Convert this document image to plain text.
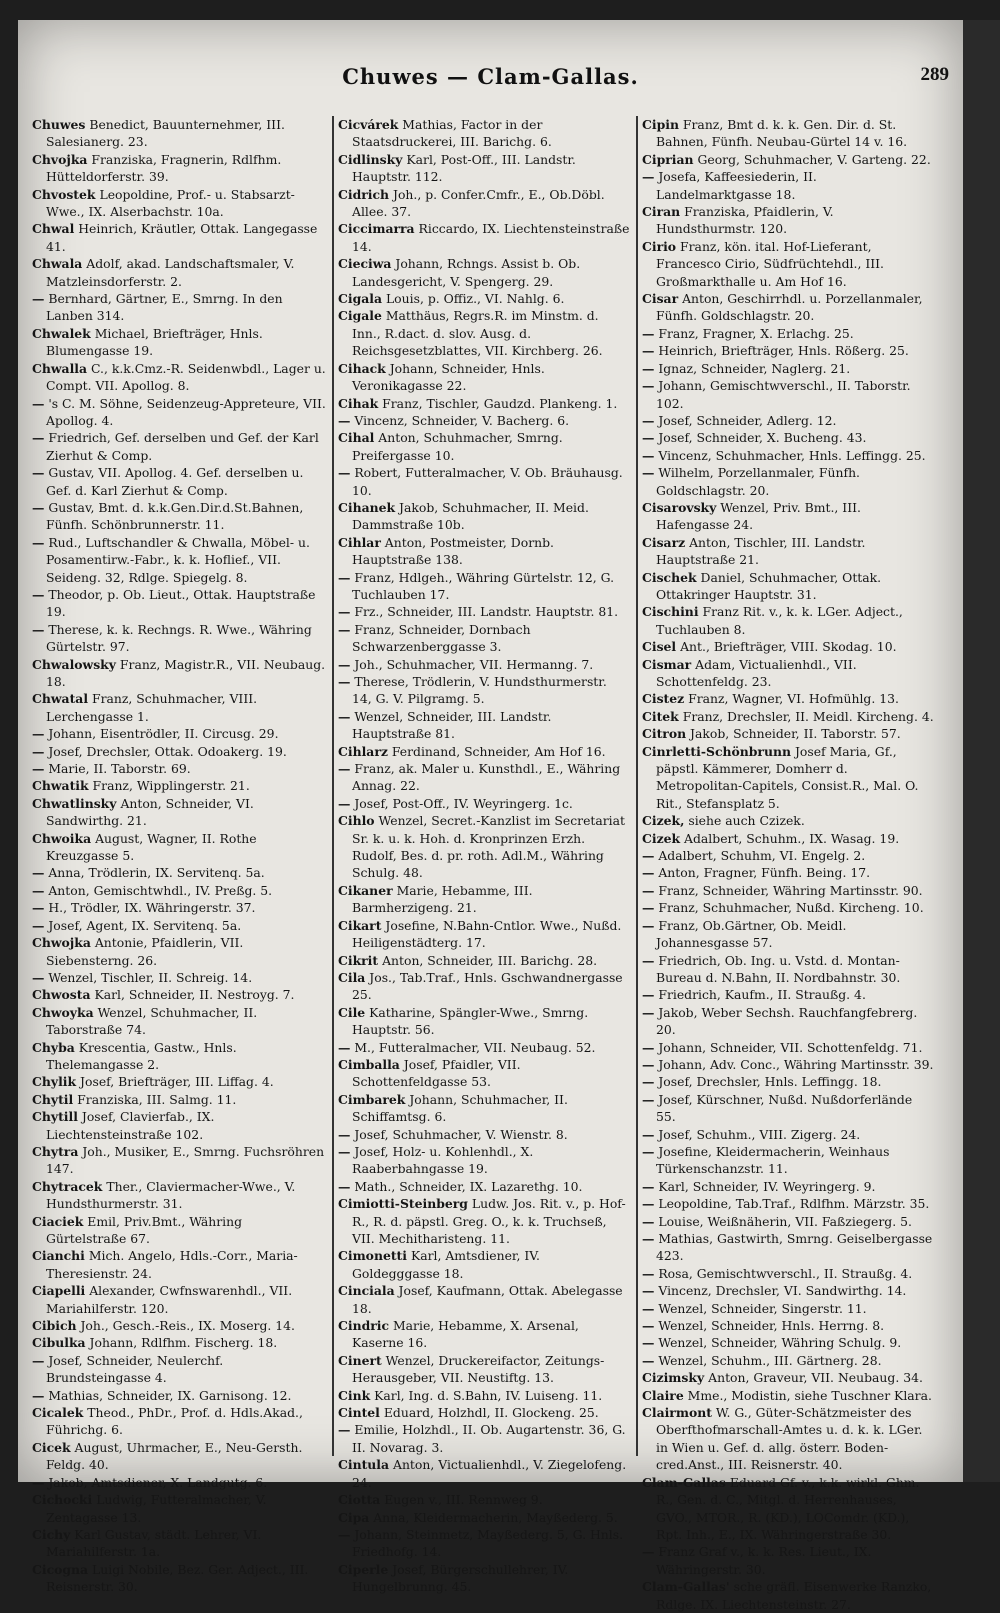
Chuwes — Clam-Gallas.	289

Chuwes Benedict, Bauunternehmer, III. Salesianerg. 23.

Chvojka Franziska, Fragnerin, Rdlfhm. Hütteldorferstr. 39.

Chvostek Leopoldine, Prof.- u. Stabsarzt-Wwe., IX. Alserbachstr. 10a.

Chwal Heinrich, Kräutler, Ottak. Langegasse 41.

Chwala Adolf, akad. Landschaftsmaler, V. Matzleinsdorferstr. 2.

— Bernhard, Gärtner, E., Smrng. In den Lanben 314.

Chwalek Michael, Briefträger, Hnls. Blumengasse 19.

Chwalla C., k.k.Cmz.-R. Seidenwbdl., Lager u. Compt. VII. Apollog. 8.

— 's C. M. Söhne, Seidenzeug-Appreteure, VII. Apollog. 4.

— Friedrich, Gef. derselben und Gef. der Karl Zierhut & Comp.

— Gustav, VII. Apollog. 4. Gef. derselben u. Gef. d. Karl Zierhut & Comp.

— Gustav, Bmt. d. k.k.Gen.Dir.d.St.Bahnen, Fünfh. Schönbrunnerstr. 11.

— Rud., Luftschandler & Chwalla, Möbel- u. Posamentirw.-Fabr., k. k. Hoflief., VII. Seideng. 32, Rdlge. Spiegelg. 8.

— Theodor, p. Ob. Lieut., Ottak. Hauptstraße 19.

— Therese, k. k. Rechngs. R. Wwe., Währing Gürtelstr. 97.

Chwalowsky Franz, Magistr.R., VII. Neubaug. 18.

Chwatal Franz, Schuhmacher, VIII. Lerchengasse 1.

— Johann, Eisentrödler, II. Circusg. 29.

— Josef, Drechsler, Ottak. Odoakerg. 19.

— Marie, II. Taborstr. 69.

Chwatik Franz, Wipplingerstr. 21.

Chwatlinsky Anton, Schneider, VI. Sandwirthg. 21.

Chwoika August, Wagner, II. Rothe Kreuzgasse 5.

— Anna, Trödlerin, IX. Servitenq. 5a.

— Anton, Gemischtwhdl., IV. Preßg. 5.

— H., Trödler, IX. Währingerstr. 37.

— Josef, Agent, IX. Servitenq. 5a.

Chwojka Antonie, Pfaidlerin, VII. Siebensterng. 26.

— Wenzel, Tischler, II. Schreig. 14.

Chwosta Karl, Schneider, II. Nestroyg. 7.

Chwoyka Wenzel, Schuhmacher, II. Taborstraße 74.

Chyba Krescentia, Gastw., Hnls. Thelemangasse 2.

Chylik Josef, Briefträger, III. Liffag. 4.

Chytil Franziska, III. Salmg. 11.

Chytill Josef, Clavierfab., IX. Liechtensteinstraße 102.

Chytra Joh., Musiker, E., Smrng. Fuchsröhren 147.

Chytracek Ther., Claviermacher-Wwe., V. Hundsthurmerstr. 31.

Ciaciek Emil, Priv.Bmt., Währing Gürtelstraße 67.

Cianchi Mich. Angelo, Hdls.-Corr., Maria-Theresienstr. 24.

Ciapelli Alexander, Cwfnswarenhdl., VII. Mariahilferstr. 120.

Cibich Joh., Gesch.-Reis., IX. Moserg. 14.

Cibulka Johann, Rdlfhm. Fischerg. 18.

— Josef, Schneider, Neulerchf. Brundsteingasse 4.

— Mathias, Schneider, IX. Garnisong. 12.

Cicalek Theod., PhDr., Prof. d. Hdls.Akad., Führichg. 6.

Cicek August, Uhrmacher, E., Neu-Gersth. Feldg. 40.

— Jakob, Amtsdiener, X. Landgutg. 6.

Cichocki Ludwig, Futteralmacher, V. Zentagasse 13.

Cichy Karl Gustav, städt. Lehrer, VI. Mariahilferstr. 1a.

Cicogna Luigi Nobile, Bez. Ger. Adject., III. Reisnerstr. 30.

Cicvárek Mathias, Factor in der Staatsdruckerei, III. Barichg. 6.

Cidlinsky Karl, Post-Off., III. Landstr. Hauptstr. 112.

Cidrich Joh., p. Confer.Cmfr., E., Ob.Döbl. Allee. 37.

Ciccimarra Riccardo, IX. Liechtensteinstraße 14.

Cieciwa Johann, Rchngs. Assist b. Ob. Landesgericht, V. Spengerg. 29.

Cigala Louis, p. Offiz., VI. Nahlg. 6.

Cigale Matthäus, Regrs.R. im Minstm. d. Inn., R.dact. d. slov. Ausg. d. Reichsgesetzblattes, VII. Kirchberg. 26.

Cihack Johann, Schneider, Hnls. Veronikagasse 22.

Cihak Franz, Tischler, Gaudzd. Plankeng. 1.

— Vincenz, Schneider, V. Bacherg. 6.

Cihal Anton, Schuhmacher, Smrng. Preifergasse 10.

— Robert, Futteralmacher, V. Ob. Bräuhausg. 10.

Cihanek Jakob, Schuhmacher, II. Meid. Dammstraße 10b.

Cihlar Anton, Postmeister, Dornb. Hauptstraße 138.

— Franz, Hdlgeh., Währing Gürtelstr. 12, G. Tuchlauben 17.

— Frz., Schneider, III. Landstr. Hauptstr. 81.

— Franz, Schneider, Dornbach Schwarzenberggasse 3.

— Joh., Schuhmacher, VII. Hermanng. 7.

— Therese, Trödlerin, V. Hundsthurmerstr. 14, G. V. Pilgramg. 5.

— Wenzel, Schneider, III. Landstr. Hauptstraße 81.

Cihlarz Ferdinand, Schneider, Am Hof 16.

— Franz, ak. Maler u. Kunsthdl., E., Währing Annag. 22.

— Josef, Post-Off., IV. Weyringerg. 1c.

Cihlo Wenzel, Secret.-Kanzlist im Secretariat Sr. k. u. k. Hoh. d. Kronprinzen Erzh. Rudolf, Bes. d. pr. roth. Adl.M., Währing Schulg. 48.

Cikaner Marie, Hebamme, III. Barmherzigeng. 21.

Cikart Josefine, N.Bahn-Cntlor. Wwe., Nußd. Heiligenstädterg. 17.

Cikrit Anton, Schneider, III. Barichg. 28.

Cila Jos., Tab.Traf., Hnls. Gschwandnergasse 25.

Cile Katharine, Spängler-Wwe., Smrng. Hauptstr. 56.

— M., Futteralmacher, VII. Neubaug. 52.

Cimballa Josef, Pfaidler, VII. Schottenfeldgasse 53.

Cimbarek Johann, Schuhmacher, II. Schiffamtsg. 6.

— Josef, Schuhmacher, V. Wienstr. 8.

— Josef, Holz- u. Kohlenhdl., X. Raaberbahngasse 19.

— Math., Schneider, IX. Lazarethg. 10.

Cimiotti-Steinberg Ludw. Jos. Rit. v., p. Hof-R., R. d. päpstl. Greg. O., k. k. Truchseß, VII. Mechitharisteng. 11.

Cimonetti Karl, Amtsdiener, IV. Goldegggasse 18.

Cinciala Josef, Kaufmann, Ottak. Abelegasse 18.

Cindric Marie, Hebamme, X. Arsenal, Kaserne 16.

Cinert Wenzel, Druckereifactor, Zeitungs-Herausgeber, VII. Neustiftg. 13.

Cink Karl, Ing. d. S.Bahn, IV. Luiseng. 11.

Cintel Eduard, Holzhdl, II. Glockeng. 25.

— Emilie, Holzhdl., II. Ob. Augartenstr. 36, G. II. Novarag. 3.

Cintula Anton, Victualienhdl., V. Ziegelofeng. 24.

Ciotta Eugen v., III. Rennweg 9.

Cipa Anna, Kleidermacherin, Mayßederg. 5.

— Johann, Steinmetz, Mayßederg. 5, G. Hnls. Friedhofg. 14.

Ciperle Josef, Bürgerschullehrer, IV. Hungelbrunng. 45.

Cipin Franz, Bmt d. k. k. Gen. Dir. d. St. Bahnen, Fünfh. Neubau-Gürtel 14 v. 16.

Ciprian Georg, Schuhmacher, V. Garteng. 22.

— Josefa, Kaffeesiederin, II. Landelmarktgasse 18.

Ciran Franziska, Pfaidlerin, V. Hundsthurmstr. 120.

Cirio Franz, kön. ital. Hof-Lieferant, Francesco Cirio, Südfrüchtehdl., III. Großmarkthalle u. Am Hof 16.

Cisar Anton, Geschirrhdl. u. Porzellanmaler, Fünfh. Goldschlagstr. 20.

— Franz, Fragner, X. Erlachg. 25.

— Heinrich, Briefträger, Hnls. Rößerg. 25.

— Ignaz, Schneider, Naglerg. 21.

— Johann, Gemischtwverschl., II. Taborstr. 102.

— Josef, Schneider, Adlerg. 12.

— Josef, Schneider, X. Bucheng. 43.

— Vincenz, Schuhmacher, Hnls. Leffingg. 25.

— Wilhelm, Porzellanmaler, Fünfh. Goldschlagstr. 20.

Cisarovsky Wenzel, Priv. Bmt., III. Hafengasse 24.

Cisarz Anton, Tischler, III. Landstr. Hauptstraße 21.

Cischek Daniel, Schuhmacher, Ottak. Ottakringer Hauptstr. 31.

Cischini Franz Rit. v., k. k. LGer. Adject., Tuchlauben 8.

Cisel Ant., Briefträger, VIII. Skodag. 10.

Cismar Adam, Victualienhdl., VII. Schottenfeldg. 23.

Cistez Franz, Wagner, VI. Hofmühlg. 13.

Citek Franz, Drechsler, II. Meidl. Kircheng. 4.

Citron Jakob, Schneider, II. Taborstr. 57.

Cinrletti-Schönbrunn Josef Maria, Gf., päpstl. Kämmerer, Domherr d. Metropolitan-Capitels, Consist.R., Mal. O. Rit., Stefansplatz 5.

Cizek, siehe auch Czizek.

Cizek Adalbert, Schuhm., IX. Wasag. 19.

— Adalbert, Schuhm, VI. Engelg. 2.

— Anton, Fragner, Fünfh. Being. 17.

— Franz, Schneider, Währing Martinsstr. 90.

— Franz, Schuhmacher, Nußd. Kircheng. 10.

— Franz, Ob.Gärtner, Ob. Meidl. Johannesgasse 57.

— Friedrich, Ob. Ing. u. Vstd. d. Montan-Bureau d. N.Bahn, II. Nordbahnstr. 30.

— Friedrich, Kaufm., II. Straußg. 4.

— Jakob, Weber Sechsh. Rauchfangfebrerg. 20.

— Johann, Schneider, VII. Schottenfeldg. 71.

— Johann, Adv. Conc., Währing Martinsstr. 39.

— Josef, Drechsler, Hnls. Leffingg. 18.

— Josef, Kürschner, Nußd. Nußdorferlände 55.

— Josef, Schuhm., VIII. Zigerg. 24.

— Josefine, Kleidermacherin, Weinhaus Türkenschanzstr. 11.

— Karl, Schneider, IV. Weyringerg. 9.

— Leopoldine, Tab.Traf., Rdlfhm. Märzstr. 35.

— Louise, Weißnäherin, VII. Faßziegerg. 5.

— Mathias, Gastwirth, Smrng. Geiselbergasse 423.

— Rosa, Gemischtwverschl., II. Straußg. 4.

— Vincenz, Drechsler, VI. Sandwirthg. 14.

— Wenzel, Schneider, Singerstr. 11.

— Wenzel, Schneider, Hnls. Herrng. 8.

— Wenzel, Schneider, Währing Schulg. 9.

— Wenzel, Schuhm., III. Gärtnerg. 28.

Cizimsky Anton, Graveur, VII. Neubaug. 34.

Claire Mme., Modistin, siehe Tuschner Klara.

Clairmont W. G., Güter-Schätzmeister des Oberfthofmarschall-Amtes u. d. k. k. LGer. in Wien u. Gef. d. allg. österr. Boden-cred.Anst., III. Reisnerstr. 40.

Clam-Gallas Eduard Gf. v., k.k. wirkl. Ghm. R., Gen. d. C., Mitgl. d. Herrenhauses, GVO., MTOR., R. (KD.), LOComdr. (KD.), Rpt. Inh., E., IX. Währingerstraße 30.

— Franz Graf v., k. k. Res. Lieut., IX. Währingerstr. 30.

Clam-Gallas' sche gräfl. Eisenwerke Ranzko, Rdlge. IX. Liechtensteinstr. 27.
